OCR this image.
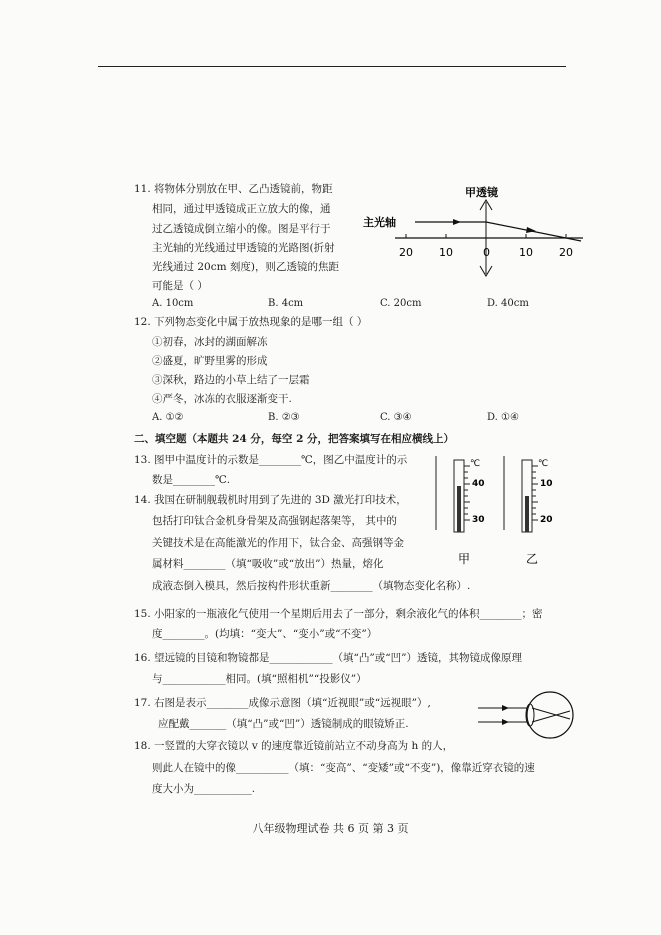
11. 将物体分别放在甲、乙凸透镜前，物距
相同，通过甲透镜成正立放大的像，通
过乙透镜成倒立缩小的像。图是平行于
主光轴的光线通过甲透镜的光路图(折射
光线通过 20cm 刻度)，则乙透镜的焦距
可能是（ ）
A. 10cm	B. 4cm	C. 20cm	D. 40cm
甲透镜
主光轴
20 10	0	10 20
12. 下列物态变化中属于放热现象的是哪一组（ ）
①初春，冰封的湖面解冻
②盛夏，旷野里雾的形成
③深秋，路边的小草上结了一层霜
④严冬，冰冻的衣服逐渐变干.
A. ①②	B. ②③	C. ③④	D. ①④
二、填空题（本题共 24 分，每空 2 分，把答案填写在相应横线上）
13. 图甲中温度计的示数是________℃，图乙中温度计的示
数是________℃.
℃
40
30
甲
℃
10
20
乙
14. 我国在研制舰载机时用到了先进的 3D 激光打印技术，
包括打印钛合金机身骨架及高强钢起落架等， 其中的
关键技术是在高能激光的作用下，钛合金、高强钢等金
属材料________（填“吸收”或“放出”）热量，熔化
成液态倒入模具，然后按构件形状重新________（填物态变化名称）.
15. 小阳家的一瓶液化气使用一个星期后用去了一部分，剩余液化气的体积________；密
度________。(均填：“变大”、“变小”或“不变”）
16. 望远镜的目镜和物镜都是____________（填“凸”或“凹”）透镜，其物镜成像原理
与____________相同。(填“照相机”“投影仪”）
17. 右图是表示________成像示意图（填“近视眼”或“远视眼”）,
应配戴_______（填“凸”或“凹”）透镜制成的眼镜矫正.
18. 一竖置的大穿衣镜以 v 的速度靠近镜前站立不动身高为 h 的人，
则此人在镜中的像__________（填：“变高”、“变矮”或“不变”)，像靠近穿衣镜的速
度大小为___________.
八年级物理试卷 共 6 页 第 3 页
